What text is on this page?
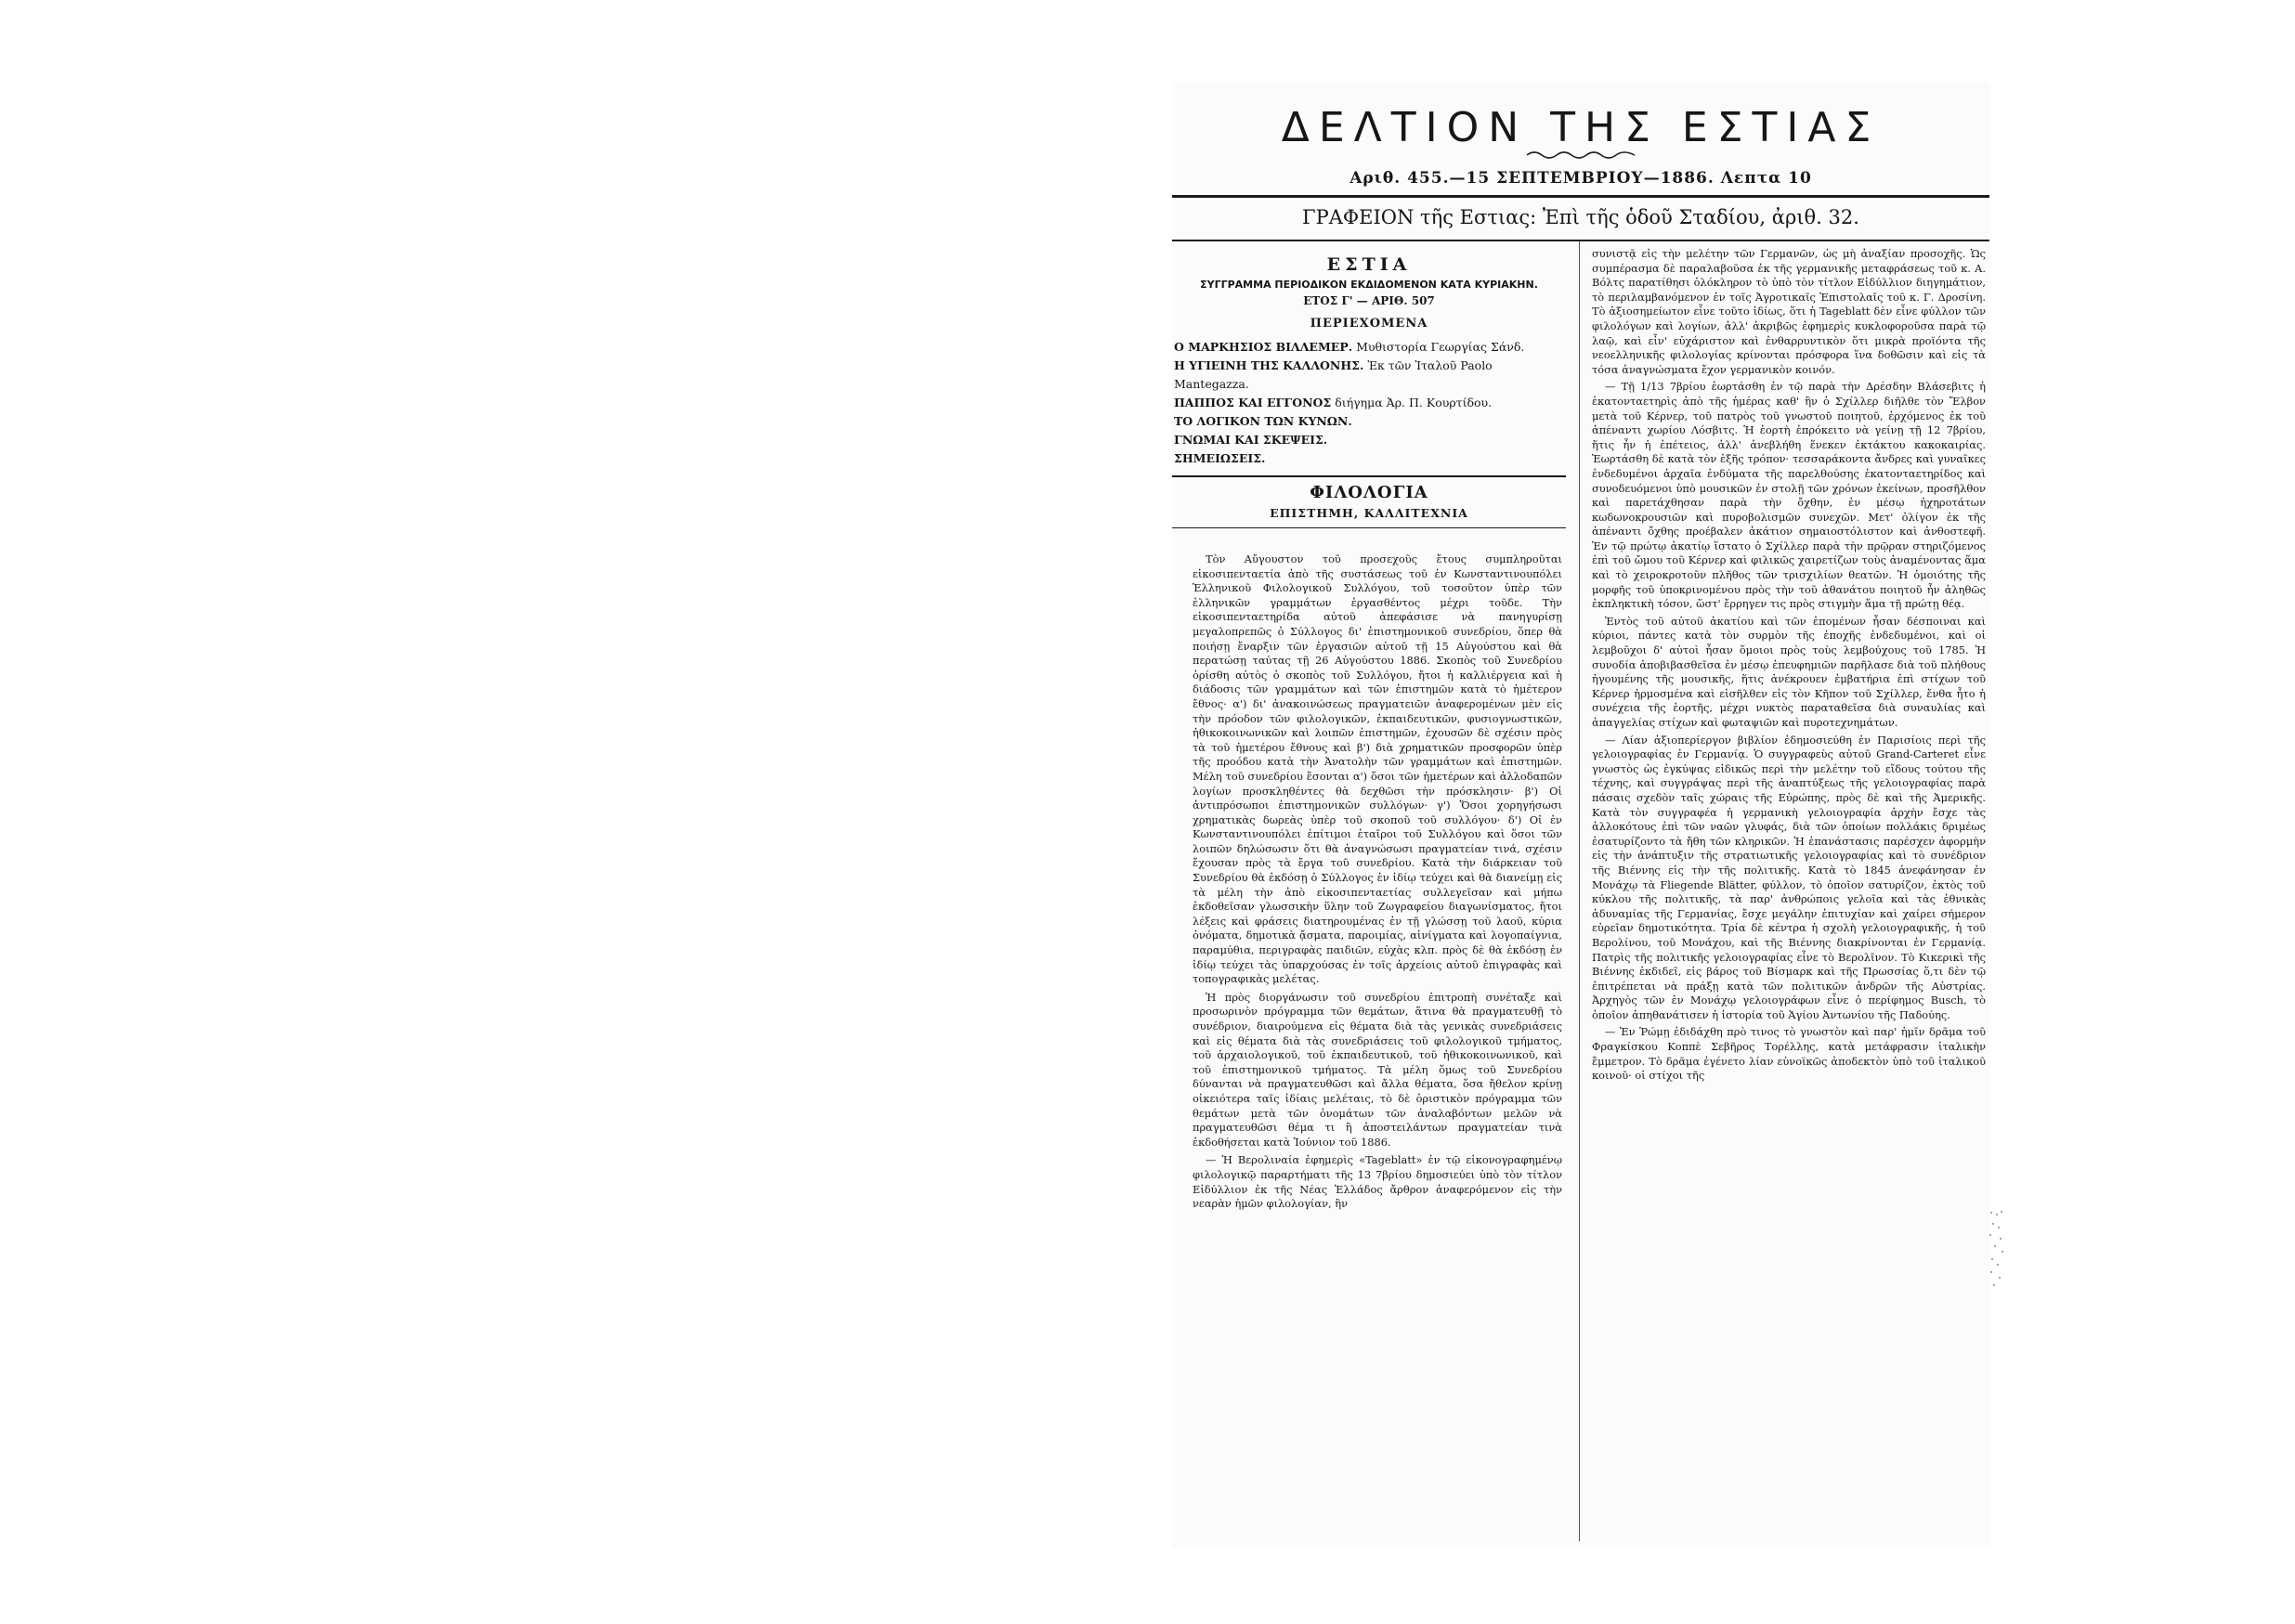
ΔΕΛΤΙΟΝ ΤΗΣ ΕΣΤΙΑΣ
Αριθ. 455.—15 ΣΕΠΤΕΜΒΡΙΟΥ—1886. Λεπτα 10
ΓΡΑΦΕΙΟΝ τῆς Εστιας: Ἐπὶ τῆς ὁδοῦ Σταδίου, ἀριθ. 32.
ΕΣΤΙΑ
ΣΥΓΓΡΑΜΜΑ ΠΕΡΙΟΔΙΚΟΝ ΕΚΔΙΔΟΜΕΝΟΝ ΚΑΤΑ ΚΥΡΙΑΚΗΝ.
ΕΤΟΣ Γ' — ΑΡΙΘ. 507
ΠΕΡΙΕΧΟΜΕΝΑ
Ο ΜΑΡΚΗΣΙΟΣ ΒΙΛΛΕΜΕΡ. Μυθιστορία Γεωργίας Σάνδ.
Η ΥΓΙΕΙΝΗ ΤΗΣ ΚΑΛΛΟΝΗΣ. Ἐκ τῶν Ἰταλοῦ Paolo Mantegazza.
ΠΑΠΠΟΣ ΚΑΙ ΕΓΓΟΝΟΣ διήγημα Ἀρ. Π. Κουρτίδου.
ΤΟ ΛΟΓΙΚΟΝ ΤΩΝ ΚΥΝΩΝ.
ΓΝΩΜΑΙ ΚΑΙ ΣΚΕΨΕΙΣ.
ΣΗΜΕΙΩΣΕΙΣ.
ΦΙΛΟΛΟΓΙΑ
ΕΠΙΣΤΗΜΗ, ΚΑΛΛΙΤΕΧΝΙΑ

Τὸν Αὔγουστον τοῦ προσεχοῦς ἔτους συμπληροῦται εἰκοσιπενταετία ἀπὸ τῆς συστάσεως τοῦ ἐν Κωνσταντινουπόλει Ἑλληνικοῦ Φιλολογικοῦ Συλλόγου, τοῦ τοσοῦτον ὑπὲρ τῶν ἑλληνικῶν γραμμάτων ἐργασθέντος μέχρι τοῦδε. Τὴν εἰκοσιπενταετηρίδα αὐτοῦ ἀπεφάσισε νὰ πανηγυρίσῃ μεγαλοπρεπῶς ὁ Σύλλογος δι' ἐπιστημονικοῦ συνεδρίου, ὅπερ θὰ ποιήσῃ ἔναρξιν τῶν ἐργασιῶν αὐτοῦ τῇ 15 Αὐγούστου καὶ θὰ περατώσῃ ταύτας τῇ 26 Αὐγούστου 1886. Σκοπὸς τοῦ Συνεδρίου ὁρίσθη αὐτὸς ὁ σκοπὸς τοῦ Συλλόγου, ἤτοι ἡ καλλιέργεια καὶ ἡ διάδοσις τῶν γραμμάτων καὶ τῶν ἐπιστημῶν κατὰ τὸ ἡμέτερον ἔθνος· α') δι' ἀνακοινώσεως πραγματειῶν ἀναφερομένων μὲν εἰς τὴν πρόοδον τῶν φιλολογικῶν, ἐκπαιδευτικῶν, φυσιογνωστικῶν, ἠθικοκοινωνικῶν καὶ λοιπῶν ἐπιστημῶν, ἐχουσῶν δὲ σχέσιν πρὸς τὰ τοῦ ἡμετέρου ἔθνους καὶ β') διὰ χρηματικῶν προσφορῶν ὑπὲρ τῆς προόδου κατὰ τὴν Ἀνατολὴν τῶν γραμμάτων καὶ ἐπιστημῶν. Μέλη τοῦ συνεδρίου ἔσονται α') ὅσοι τῶν ἡμετέρων καὶ ἀλλοδαπῶν λογίων προσκληθέντες θὰ δεχθῶσι τὴν πρόσκλησιν· β') Οἱ ἀντιπρόσωποι ἐπιστημονικῶν συλλόγων· γ') Ὅσοι χορηγήσωσι χρηματικὰς δωρεὰς ὑπὲρ τοῦ σκοποῦ τοῦ συλλόγου· δ') Οἱ ἐν Κωνσταντινουπόλει ἐπίτιμοι ἑταῖροι τοῦ Συλλόγου καὶ ὅσοι τῶν λοιπῶν δηλώσωσιν ὅτι θὰ ἀναγνώσωσι πραγματείαν τινά, σχέσιν ἔχουσαν πρὸς τὰ ἔργα τοῦ συνεδρίου. Κατὰ τὴν διάρκειαν τοῦ Συνεδρίου θὰ ἐκδόσῃ ὁ Σύλλογος ἐν ἰδίῳ τεύχει καὶ θὰ διανείμῃ εἰς τὰ μέλη τὴν ἀπὸ εἰκοσιπενταετίας συλλεγεῖσαν καὶ μήπω ἐκδοθεῖσαν γλωσσικὴν ὕλην τοῦ Ζωγραφείου διαγωνίσματος, ἤτοι λέξεις καὶ φράσεις διατηρουμένας ἐν τῇ γλώσσῃ τοῦ λαοῦ, κύρια ὀνόματα, δημοτικὰ ᾄσματα, παροιμίας, αἰνίγματα καὶ λογοπαίγνια, παραμύθια, περιγραφὰς παιδιῶν, εὐχὰς κλπ. πρὸς δὲ θὰ ἐκδόσῃ ἐν ἰδίῳ τεύχει τὰς ὑπαρχούσας ἐν τοῖς ἀρχείοις αὐτοῦ ἐπιγραφὰς καὶ τοπογραφικὰς μελέτας.

Ἡ πρὸς διοργάνωσιν τοῦ συνεδρίου ἐπιτροπὴ συνέταξε καὶ προσωρινὸν πρόγραμμα τῶν θεμάτων, ἅτινα θὰ πραγματευθῇ τὸ συνέδριον, διαιρούμενα εἰς θέματα διὰ τὰς γενικὰς συνεδριάσεις καὶ εἰς θέματα διὰ τὰς συνεδριάσεις τοῦ φιλολογικοῦ τμήματος, τοῦ ἀρχαιολογικοῦ, τοῦ ἐκπαιδευτικοῦ, τοῦ ἠθικοκοινωνικοῦ, καὶ τοῦ ἐπιστημονικοῦ τμήματος. Τὰ μέλη ὅμως τοῦ Συνεδρίου δύνανται νὰ πραγματευθῶσι καὶ ἄλλα θέματα, ὅσα ἤθελον κρίνῃ οἰκειότερα ταῖς ἰδίαις μελέταις, τὸ δὲ ὁριστικὸν πρόγραμμα τῶν θεμάτων μετὰ τῶν ὀνομάτων τῶν ἀναλαβόντων μελῶν νὰ πραγματευθῶσι θέμα τι ἢ ἀποστειλάντων πραγματείαν τινὰ ἐκδοθήσεται κατὰ Ἰούνιον τοῦ 1886.

— Ἡ Βερολιναία ἐφημερὶς «Tageblatt» ἐν τῷ εἰκονογραφημένῳ φιλολογικῷ παραρτήματι τῆς 13 7βρίου δημοσιεύει ὑπὸ τὸν τίτλον Εἰδύλλιον ἐκ τῆς Νέας Ἑλλάδος ἄρθρον ἀναφερόμενον εἰς τὴν νεαρὰν ἡμῶν φιλολογίαν, ἣν

συνιστᾷ εἰς τὴν μελέτην τῶν Γερμανῶν, ὡς μὴ ἀναξίαν προσοχῆς. Ὡς συμπέρασμα δὲ παραλαβοῦσα ἐκ τῆς γερμανικῆς μεταφράσεως τοῦ κ. Α. Βόλτς παρατίθησι ὁλόκληρον τὸ ὑπὸ τὸν τίτλον Εἰδύλλιον διηγημάτιον, τὸ περιλαμβανόμενον ἐν τοῖς Ἀγροτικαῖς Ἐπιστολαῖς τοῦ κ. Γ. Δροσίνη. Τὸ ἀξιοσημείωτον εἶνε τοῦτο ἰδίως, ὅτι ἡ Tageblatt δὲν εἶνε φύλλον τῶν φιλολόγων καὶ λογίων, ἀλλ' ἀκριβῶς ἐφημερὶς κυκλοφοροῦσα παρὰ τῷ λαῷ, καὶ εἶν' εὐχάριστον καὶ ἐνθαρρυντικὸν ὅτι μικρὰ προϊόντα τῆς νεοελληνικῆς φιλολογίας κρίνονται πρόσφορα ἵνα δοθῶσιν καὶ εἰς τὰ τόσα ἀναγνώσματα ἔχον γερμανικὸν κοινόν.

— Τῇ 1/13 7βρίου ἑωρτάσθη ἐν τῷ παρὰ τὴν Δρέσδην Βλάσεβιτς ἡ ἑκατονταετηρὶς ἀπὸ τῆς ἡμέρας καθ' ἣν ὁ Σχίλλερ διῆλθε τὸν Ἔλβον μετὰ τοῦ Κέρνερ, τοῦ πατρὸς τοῦ γνωστοῦ ποιητοῦ, ἐρχόμενος ἐκ τοῦ ἀπέναντι χωρίου Λόσβιτς. Ἡ ἑορτὴ ἐπρόκειτο νὰ γείνῃ τῇ 12 7βρίου, ἥτις ἦν ἡ ἐπέτειος, ἀλλ' ἀνεβλήθη ἕνεκεν ἐκτάκτου κακοκαιρίας. Ἑωρτάσθη δὲ κατὰ τὸν ἑξῆς τρόπον· τεσσαράκοντα ἄνδρες καὶ γυναῖκες ἐνδεδυμένοι ἀρχαῖα ἐνδύματα τῆς παρελθούσης ἑκατονταετηρίδος καὶ συνοδευόμενοι ὑπὸ μουσικῶν ἐν στολῇ τῶν χρόνων ἐκείνων, προσῆλθον καὶ παρετάχθησαν παρὰ τὴν ὄχθην, ἐν μέσῳ ἠχηροτάτων κωδωνοκρουσιῶν καὶ πυροβολισμῶν συνεχῶν. Μετ' ὀλίγον ἐκ τῆς ἀπέναντι ὄχθης προέβαλεν ἀκάτιον σημαιοστόλιστον καὶ ἀνθοστεφῆ. Ἐν τῷ πρώτῳ ἀκατίῳ ἵστατο ὁ Σχίλλερ παρὰ τὴν πρῷραν στηριζόμενος ἐπὶ τοῦ ὤμου τοῦ Κέρνερ καὶ φιλικῶς χαιρετίζων τοὺς ἀναμένοντας ἅμα καὶ τὸ χειροκροτοῦν πλῆθος τῶν τρισχιλίων θεατῶν. Ἡ ὁμοιότης τῆς μορφῆς τοῦ ὑποκρινομένου πρὸς τὴν τοῦ ἀθανάτου ποιητοῦ ἦν ἀληθῶς ἐκπληκτικὴ τόσον, ὥστ' ἔρρηγεν τις πρὸς στιγμὴν ἅμα τῇ πρώτῃ θέᾳ.

Ἐντὸς τοῦ αὐτοῦ ἀκατίου καὶ τῶν ἑπομένων ἦσαν δέσποιναι καὶ κύριοι, πάντες κατὰ τὸν συρμὸν τῆς ἐποχῆς ἐνδεδυμένοι, καὶ οἱ λεμβοῦχοι δ' αὐτοὶ ἦσαν ὅμοιοι πρὸς τοὺς λεμβούχους τοῦ 1785. Ἡ συνοδία ἀποβιβασθεῖσα ἐν μέσῳ ἐπευφημιῶν παρῆλασε διὰ τοῦ πλήθους ἡγουμένης τῆς μουσικῆς, ἥτις ἀνέκρουεν ἐμβατήρια ἐπὶ στίχων τοῦ Κέρνερ ἡρμοσμένα καὶ εἰσῆλθεν εἰς τὸν Κῆπον τοῦ Σχίλλερ, ἔνθα ἦτο ἡ συνέχεια τῆς ἑορτῆς, μέχρι νυκτὸς παραταθεῖσα διὰ συναυλίας καὶ ἀπαγγελίας στίχων καὶ φωταψιῶν καὶ πυροτεχνημάτων.

— Λίαν ἀξιοπερίεργον βιβλίον ἐδημοσιεύθη ἐν Παρισίοις περὶ τῆς γελοιογραφίας ἐν Γερμανίᾳ. Ὁ συγγραφεὺς αὐτοῦ Grand-Carteret εἶνε γνωστὸς ὡς ἐγκύψας εἰδικῶς περὶ τὴν μελέτην τοῦ εἴδους τούτου τῆς τέχνης, καὶ συγγράψας περὶ τῆς ἀναπτύξεως τῆς γελοιογραφίας παρὰ πάσαις σχεδὸν ταῖς χώραις τῆς Εὐρώπης, πρὸς δὲ καὶ τῆς Ἀμερικῆς. Κατὰ τὸν συγγραφέα ἡ γερμανικὴ γελοιογραφία ἀρχὴν ἔσχε τὰς ἀλλοκότους ἐπὶ τῶν ναῶν γλυφάς, διὰ τῶν ὁποίων πολλάκις δριμέως ἐσατυρίζοντο τὰ ἤθη τῶν κληρικῶν. Ἡ ἐπανάστασις παρέσχεν ἀφορμὴν εἰς τὴν ἀνάπτυξιν τῆς στρατιωτικῆς γελοιογραφίας καὶ τὸ συνέδριον τῆς Βιέννης εἰς τὴν τῆς πολιτικῆς. Κατὰ τὸ 1845 ἀνεφάνησαν ἐν Μονάχῳ τὰ Fliegende Blätter, φύλλον, τὸ ὁποῖον σατυρίζον, ἐκτὸς τοῦ κύκλου τῆς πολιτικῆς, τὰ παρ' ἀνθρώποις γελοῖα καὶ τὰς ἐθνικὰς ἀδυναμίας τῆς Γερμανίας, ἔσχε μεγάλην ἐπιτυχίαν καὶ χαίρει σήμερον εὐρεῖαν δημοτικότητα. Τρία δὲ κέντρα ἡ σχολὴ γελοιογραφικῆς, ἡ τοῦ Βερολίνου, τοῦ Μονάχου, καὶ τῆς Βιέννης διακρίνονται ἐν Γερμανίᾳ. Πατρὶς τῆς πολιτικῆς γελοιογραφίας εἶνε τὸ Βερολῖνον. Τὸ Κικερικὶ τῆς Βιέννης ἐκδιδεῖ, εἰς βάρος τοῦ Βίσμαρκ καὶ τῆς Πρωσσίας ὅ,τι δὲν τῷ ἐπιτρέπεται νὰ πράξῃ κατὰ τῶν πολιτικῶν ἀνδρῶν τῆς Αὐστρίας. Ἀρχηγὸς τῶν ἐν Μονάχῳ γελοιογράφων εἶνε ὁ περίφημος Busch, τὸ ὁποῖον ἀπηθανάτισεν ἡ ἱστορία τοῦ Ἁγίου Ἀντωνίου τῆς Παδούης.

— Ἐν Ῥώμῃ ἐδιδάχθη πρὸ τινος τὸ γνωστὸν καὶ παρ' ἡμῖν δρᾶμα τοῦ Φραγκίσκου Κοππὲ Σεβῆρος Τορέλλης, κατὰ μετάφρασιν ἰταλικὴν ἔμμετρον. Τὸ δρᾶμα ἐγένετο λίαν εὐνοϊκῶς ἀποδεκτὸν ὑπὸ τοῦ ἰταλικοῦ κοινοῦ· οἱ στίχοι τῆς
